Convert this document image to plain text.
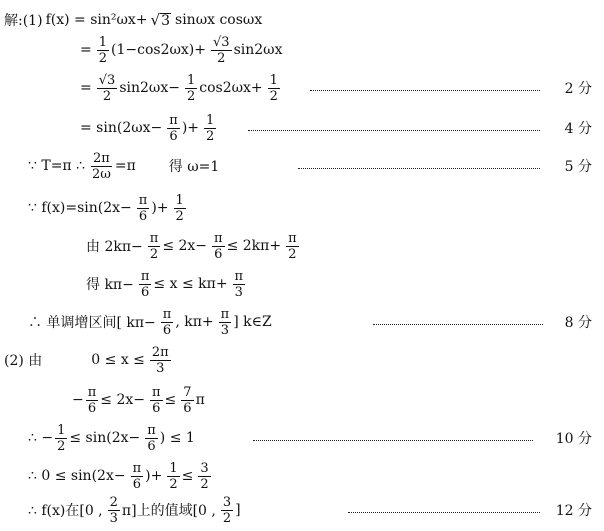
解:(1) f(x) = sin²ωx+ √ 3 sinωx cosωx
= $\frac{1}{2} (1-\cos 2\omega x)+ \frac{√3}{2} \sin 2\omega x$
= $\frac{√3}{2} \sin 2\omega x- \frac{1}{2} \cos 2\omega x+ \frac{1}{2}$	2 分
= $\sin(2\omega x- \frac{\pi}{6}$ )+ $\frac{1}{2}$	4 分
∵ T=π ∴ $\frac{2\pi}{2\omega} =\pi$ 得 ω=1	5 分
∵ $f(x)=\sin(2x- \frac{\pi}{6}$ )+ $\frac{1}{2}$
由 $2k\pi- \frac{\pi}{2} \le 2x- \frac{\pi}{6} \le 2k\pi+ \frac{\pi}{2}$
得 $k\pi- \frac{\pi}{6} \le x \le k\pi+ \frac{\pi}{3}$
∴ 单调增区间[ $k\pi- \frac{\pi}{6}$ , $k\pi+ \frac{\pi}{3}$ ] k∈Z	8 分
(2) 由	$0 \le x \le \frac{2\pi}{3}$
− $\frac{\pi}{6} \le 2x- \frac{\pi}{6} \le \frac{7}{6}$ π
∴ − $\frac{1}{2} \le \sin(2x- \frac{\pi}{6}$ ) ≤ 1	10 分
∴ $0 \le \sin(2x- \frac{\pi}{6}$ )+ $\frac{1}{2} \le \frac{3}{2}$
∴ f(x)在[0 , $\frac{2}{3} \pi$]上的值域[0 , $\frac{3}{2}$ ]	12 分
